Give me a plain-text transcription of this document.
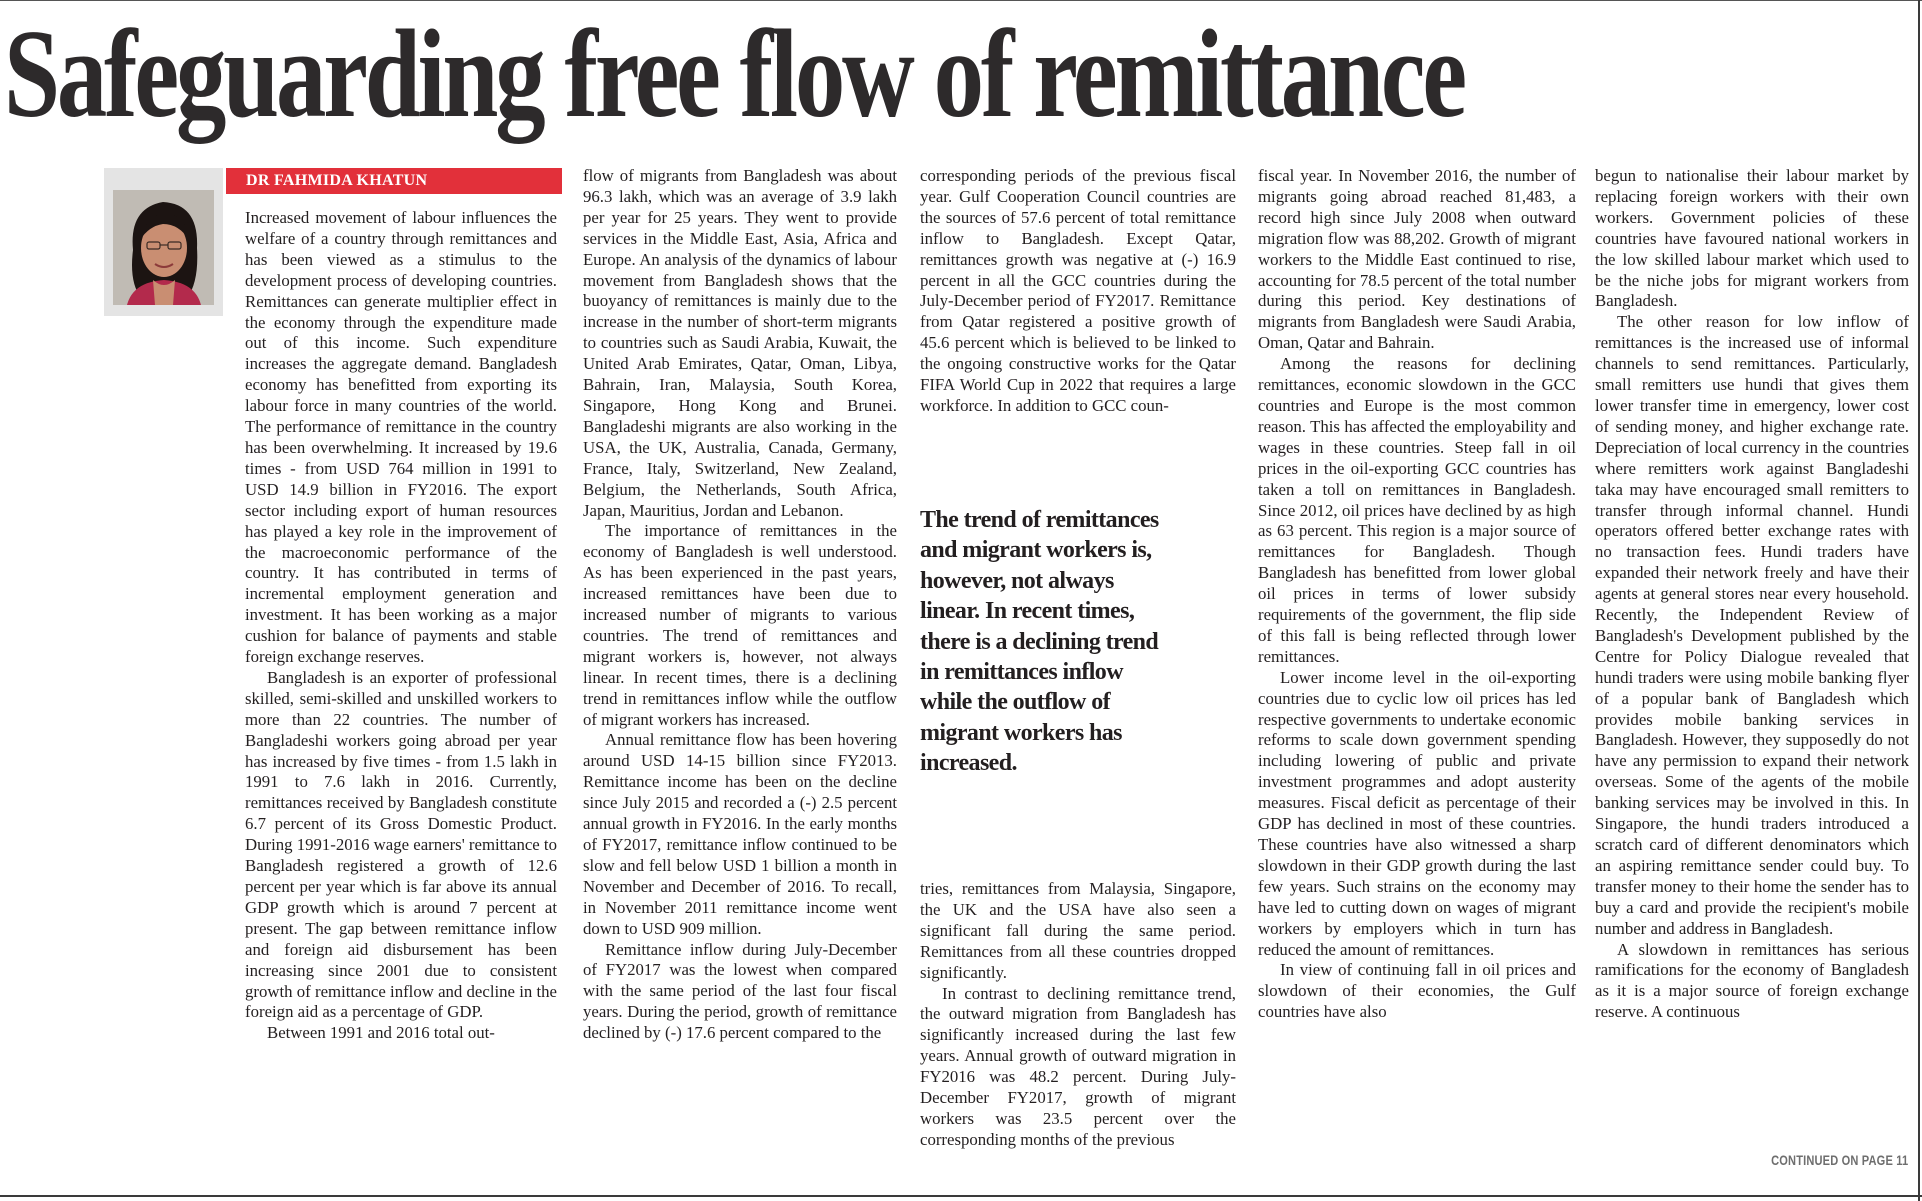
Safeguarding free flow of remittance
DR FAHMIDA KHATUN

Increased movement of labour influences the welfare of a country through remittances and has been viewed as a stimulus to the development process of developing countries. Remittances can generate multiplier effect in the economy through the expenditure made out of this income. Such expenditure increases the aggregate demand. Bangladesh economy has benefitted from exporting its labour force in many countries of the world. The performance of remittance in the country has been overwhelming. It increased by 19.6 times - from USD 764 million in 1991 to USD 14.9 billion in FY2016. The export sector including export of human resources has played a key role in the improvement of the macroeconomic performance of the country. It has contributed in terms of incremental employment generation and investment. It has been working as a major cushion for balance of payments and stable foreign exchange reserves.

Bangladesh is an exporter of professional skilled, semi-skilled and unskilled workers to more than 22 countries. The number of Bangladeshi workers going abroad per year has increased by five times - from 1.5 lakh in 1991 to 7.6 lakh in 2016. Currently, remittances received by Bangladesh constitute 6.7 percent of its Gross Domestic Product. During 1991-2016 wage earners' remittance to Bangladesh registered a growth of 12.6 percent per year which is far above its annual GDP growth which is around 7 percent at present. The gap between remittance inflow and foreign aid disbursement has been increasing since 2001 due to consistent growth of remittance inflow and decline in the foreign aid as a percentage of GDP.

Between 1991 and 2016 total out-

flow of migrants from Bangladesh was about 96.3 lakh, which was an average of 3.9 lakh per year for 25 years. They went to provide services in the Middle East, Asia, Africa and Europe. An analysis of the dynamics of labour movement from Bangladesh shows that the buoyancy of remittances is mainly due to the increase in the number of short-term migrants to countries such as Saudi Arabia, Kuwait, the United Arab Emirates, Qatar, Oman, Libya, Bahrain, Iran, Malaysia, South Korea, Singapore, Hong Kong and Brunei. Bangladeshi migrants are also working in the USA, the UK, Australia, Canada, Germany, France, Italy, Switzerland, New Zealand, Belgium, the Netherlands, South Africa, Japan, Mauritius, Jordan and Lebanon.

The importance of remittances in the economy of Bangladesh is well understood. As has been experienced in the past years, increased remittances have been due to increased number of migrants to various countries. The trend of remittances and migrant workers is, however, not always linear. In recent times, there is a declining trend in remittances inflow while the outflow of migrant workers has increased.

Annual remittance flow has been hovering around USD 14-15 billion since FY2013. Remittance income has been on the decline since July 2015 and recorded a (-) 2.5 percent annual growth in FY2016. In the early months of FY2017, remittance inflow continued to be slow and fell below USD 1 billion a month in November and December of 2016. To recall, in November 2011 remittance income went down to USD 909 million.

Remittance inflow during July-December of FY2017 was the lowest when compared with the same period of the last four fiscal years. During the period, growth of remittance declined by (-) 17.6 percent compared to the

corresponding periods of the previous fiscal year. Gulf Cooperation Council countries are the sources of 57.6 percent of total remittance inflow to Bangladesh. Except Qatar, remittances growth was negative at (-) 16.9 percent in all the GCC countries during the July-December period of FY2017. Remittance from Qatar registered a positive growth of 45.6 percent which is believed to be linked to the ongoing constructive works for the Qatar FIFA World Cup in 2022 that requires a large workforce. In addition to GCC coun-

The trend of remittances and migrant workers is, however, not always linear. In recent times, there is a declining trend in remittances inflow while the outflow of migrant workers has increased.

tries, remittances from Malaysia, Singapore, the UK and the USA have also seen a significant fall during the same period. Remittances from all these countries dropped significantly.

In contrast to declining remittance trend, the outward migration from Bangladesh has significantly increased during the last few years. Annual growth of outward migration in FY2016 was 48.2 percent. During July-December FY2017, growth of migrant workers was 23.5 percent over the corresponding months of the previous

fiscal year. In November 2016, the number of migrants going abroad reached 81,483, a record high since July 2008 when outward migration flow was 88,202. Growth of migrant workers to the Middle East continued to rise, accounting for 78.5 percent of the total number during this period. Key destinations of migrants from Bangladesh were Saudi Arabia, Oman, Qatar and Bahrain.

Among the reasons for declining remittances, economic slowdown in the GCC countries and Europe is the most common reason. This has affected the employability and wages in these countries. Steep fall in oil prices in the oil-exporting GCC countries has taken a toll on remittances in Bangladesh. Since 2012, oil prices have declined by as high as 63 percent. This region is a major source of remittances for Bangladesh. Though Bangladesh has benefitted from lower global oil prices in terms of lower subsidy requirements of the government, the flip side of this fall is being reflected through lower remittances.

Lower income level in the oil-exporting countries due to cyclic low oil prices has led respective governments to undertake economic reforms to scale down government spending including lowering of public and private investment programmes and adopt austerity measures. Fiscal deficit as percentage of their GDP has declined in most of these countries. These countries have also witnessed a sharp slowdown in their GDP growth during the last few years. Such strains on the economy may have led to cutting down on wages of migrant workers by employers which in turn has reduced the amount of remittances.

In view of continuing fall in oil prices and slowdown of their economies, the Gulf countries have also

begun to nationalise their labour market by replacing foreign workers with their own workers. Government policies of these countries have favoured national workers in the low skilled labour market which used to be the niche jobs for migrant workers from Bangladesh.

The other reason for low inflow of remittances is the increased use of informal channels to send remittances. Particularly, small remitters use hundi that gives them lower transfer time in emergency, lower cost of sending money, and higher exchange rate. Depreciation of local currency in the countries where remitters work against Bangladeshi taka may have encouraged small remitters to transfer through informal channel. Hundi operators offered better exchange rates with no transaction fees. Hundi traders have expanded their network freely and have their agents at general stores near every household. Recently, the Independent Review of Bangladesh's Development published by the Centre for Policy Dialogue revealed that hundi traders were using mobile banking flyer of a popular bank of Bangladesh which provides mobile banking services in Bangladesh. However, they supposedly do not have any permission to expand their network overseas. Some of the agents of the mobile banking services may be involved in this. In Singapore, the hundi traders introduced a scratch card of different denominators which an aspiring remittance sender could buy. To transfer money to their home the sender has to buy a card and provide the recipient's mobile number and address in Bangladesh.

A slowdown in remittances has serious ramifications for the economy of Bangladesh as it is a major source of foreign exchange reserve. A continuous

CONTINUED ON PAGE 11
